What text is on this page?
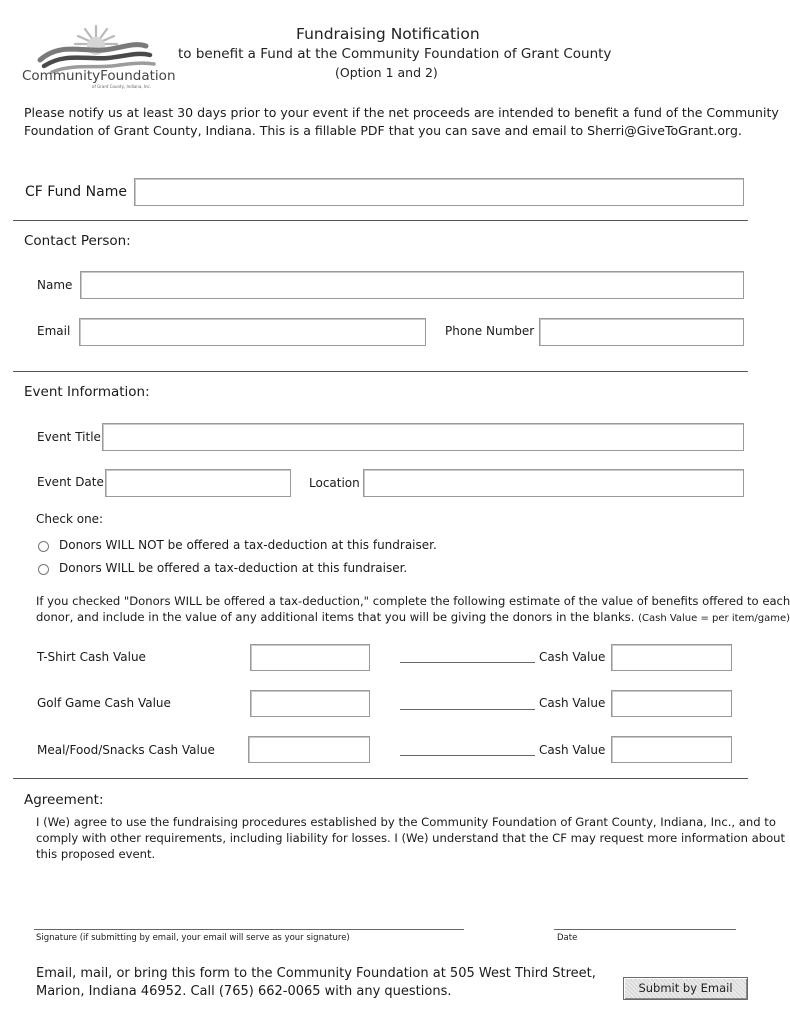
CommunityFoundation
of Grant County, Indiana, Inc.
Fundraising Notification
to benefit a Fund at the Community Foundation of Grant County
(Option 1 and 2)
Please notify us at least 30 days prior to your event if the net proceeds are intended to benefit a fund of the Community
Foundation of Grant County, Indiana. This is a fillable PDF that you can save and email to Sherri@GiveToGrant.org.
CF Fund Name
Contact Person:
Name
Email	Phone Number
Event Information:
Event Title
Event Date	Location
Check one:
Donors WILL NOT be offered a tax-deduction at this fundraiser.
Donors WILL be offered a tax-deduction at this fundraiser.
If you checked "Donors WILL be offered a tax-deduction," complete the following estimate of the value of benefits offered to each
donor, and include in the value of any additional items that you will be giving the donors in the blanks. (Cash Value = per item/game)
T-Shirt Cash Value	Cash Value
Golf Game Cash Value	Cash Value
Meal/Food/Snacks Cash Value	Cash Value
Agreement:
I (We) agree to use the fundraising procedures established by the Community Foundation of Grant County, Indiana, Inc., and to
comply with other requirements, including liability for losses. I (We) understand that the CF may request more information about
this proposed event.
Signature (if submitting by email, your email will serve as your signature)	Date
Email, mail, or bring this form to the Community Foundation at 505 West Third Street,
Marion, Indiana 46952. Call (765) 662-0065 with any questions.	Submit by Email
